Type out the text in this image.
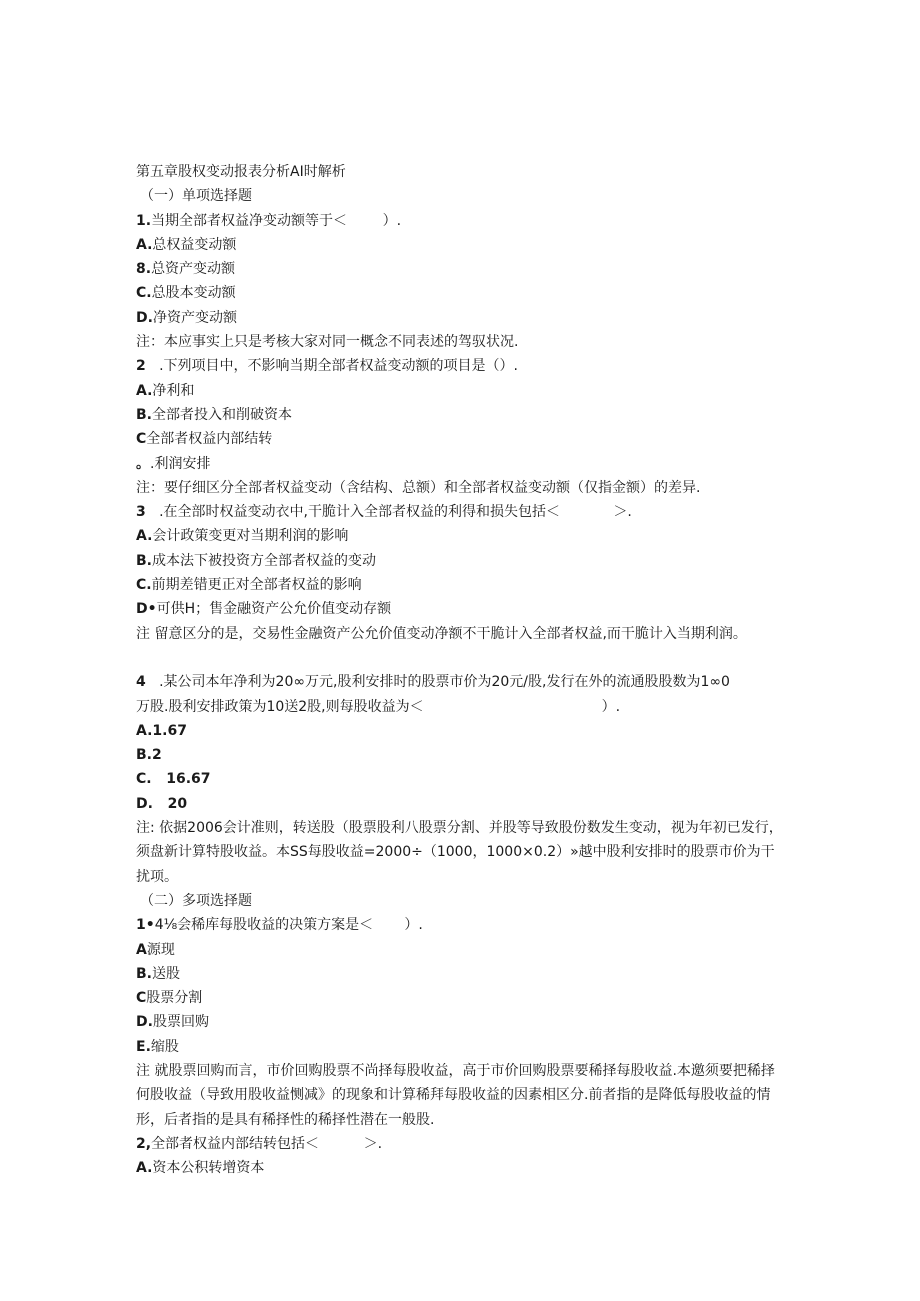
第五章股权变动报表分析AI时解析
（一）单项选择题
1.当期全部者权益净变动额等于＜        ）.
A.总权益变动额
8.总资产变动额
C.总股本变动额
D.净资产变动额
注：本应事实上只是考核大家对同一概念不同表述的驾驭状况.
2   .下列项目中，不影响当期全部者权益变动额的项目是（）.
A.净利和
B.全部者投入和削破资本
C全部者权益内部结转
。.利润安排
注：要仔细区分全部者权益变动（含结构、总额）和全部者权益变动额（仅指金额）的差异.
3   .在全部时权益变动衣中,干脆计入全部者权益的利得和损失包括＜            ＞.
A.会计政策变更对当期利润的影响
B.成本法下被投资方全部者权益的变动
C.前期差错更正对全部者权益的影响
D•可供H；售金融资产公允价值变动存额
注 留意区分的是，交易性金融资产公允价值变动净额不干脆计入全部者权益,而干脆计入当期利润。
4   .某公司本年净利为20∞万元,股利安排时的股票市价为20元/股,发行在外的流通股股数为1∞0
万股.股利安排政策为10送2股,则每股收益为＜                                        ）.
A.1.67
B.2
C.   16.67
D.   20
注: 依据2006会计准则，转送股（股票股利八股票分割、并股等导致股份数发生变动，视为年初已发行，须盘新计算特股收益。本SS每股收益=2000÷（1000，1000×0.2）»越中股利安排时的股票市价为干扰项。
（二）多项选择题
1•4⅛会稀库每股收益的决策方案是＜       ）.
A源现
B.送股
C股票分割
D.股票回购
E.缩股
注 就股票回购而言，市价回购股票不尚择每股收益，高于市价回购股票要稀择每股收益.本邀须要把稀择何股收益（导致用股收益恻减》的现象和计算稀拜每股收益的因素相区分.前者指的是降低每股收益的情形，后者指的是具有稀择性的稀择性潜在一般股.
2,全部者权益内部结转包括＜          ＞.
A.资本公积转增资本
